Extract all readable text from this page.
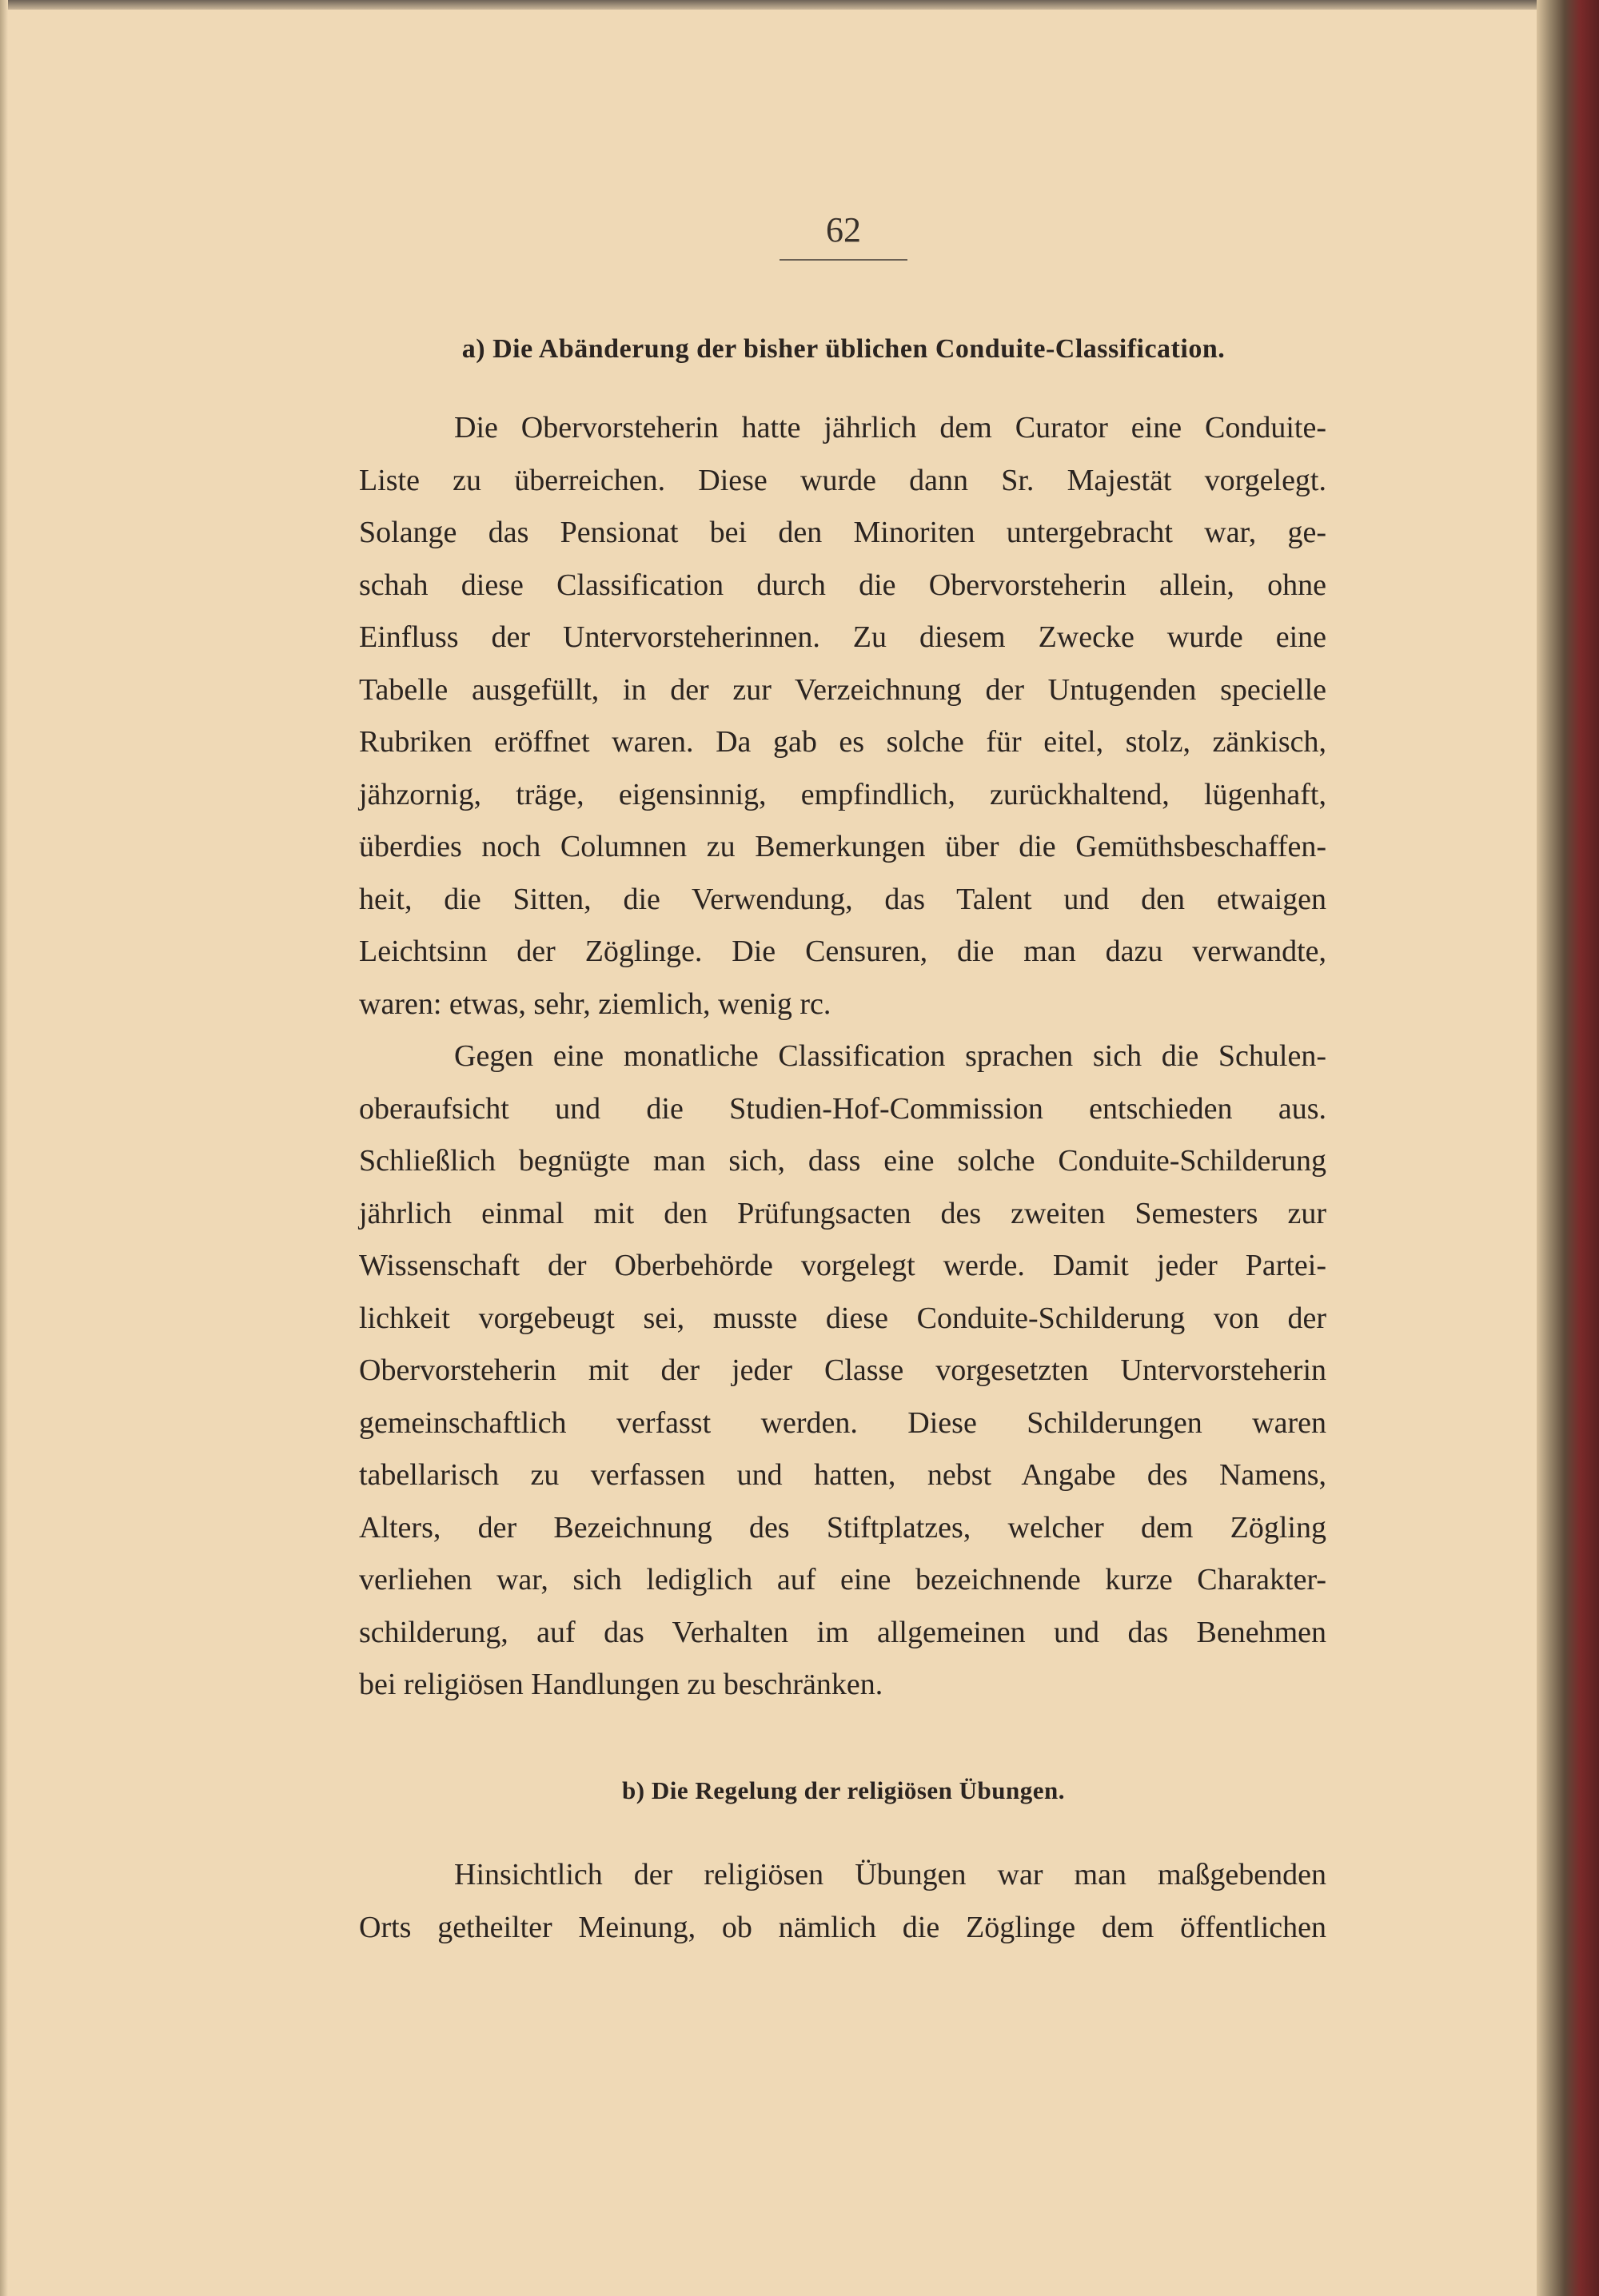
62
a) Die Abänderung der bisher üblichen Conduite-Classification.
Die Obervorsteherin hatte jährlich dem Curator eine Conduite-
Liste zu überreichen. Diese wurde dann Sr. Majestät vorgelegt.
Solange das Pensionat bei den Minoriten untergebracht war, ge-
schah diese Classification durch die Obervorsteherin allein, ohne
Einfluss der Untervorsteherinnen. Zu diesem Zwecke wurde eine
Tabelle ausgefüllt, in der zur Verzeichnung der Untugenden specielle
Rubriken eröffnet waren. Da gab es solche für eitel, stolz, zänkisch,
jähzornig, träge, eigensinnig, empfindlich, zurückhaltend, lügenhaft,
überdies noch Columnen zu Bemerkungen über die Gemüthsbeschaffen-
heit, die Sitten, die Verwendung, das Talent und den etwaigen
Leichtsinn der Zöglinge. Die Censuren, die man dazu verwandte,
waren: etwas, sehr, ziemlich, wenig rc.
Gegen eine monatliche Classification sprachen sich die Schulen-
oberaufsicht und die Studien-Hof-Commission entschieden aus.
Schließlich begnügte man sich, dass eine solche Conduite-Schilderung
jährlich einmal mit den Prüfungsacten des zweiten Semesters zur
Wissenschaft der Oberbehörde vorgelegt werde. Damit jeder Partei-
lichkeit vorgebeugt sei, musste diese Conduite-Schilderung von der
Obervorsteherin mit der jeder Classe vorgesetzten Untervorsteherin
gemeinschaftlich verfasst werden. Diese Schilderungen waren
tabellarisch zu verfassen und hatten, nebst Angabe des Namens,
Alters, der Bezeichnung des Stiftplatzes, welcher dem Zögling
verliehen war, sich lediglich auf eine bezeichnende kurze Charakter-
schilderung, auf das Verhalten im allgemeinen und das Benehmen
bei religiösen Handlungen zu beschränken.
b) Die Regelung der religiösen Übungen.
Hinsichtlich der religiösen Übungen war man maßgebenden
Orts getheilter Meinung, ob nämlich die Zöglinge dem öffentlichen
